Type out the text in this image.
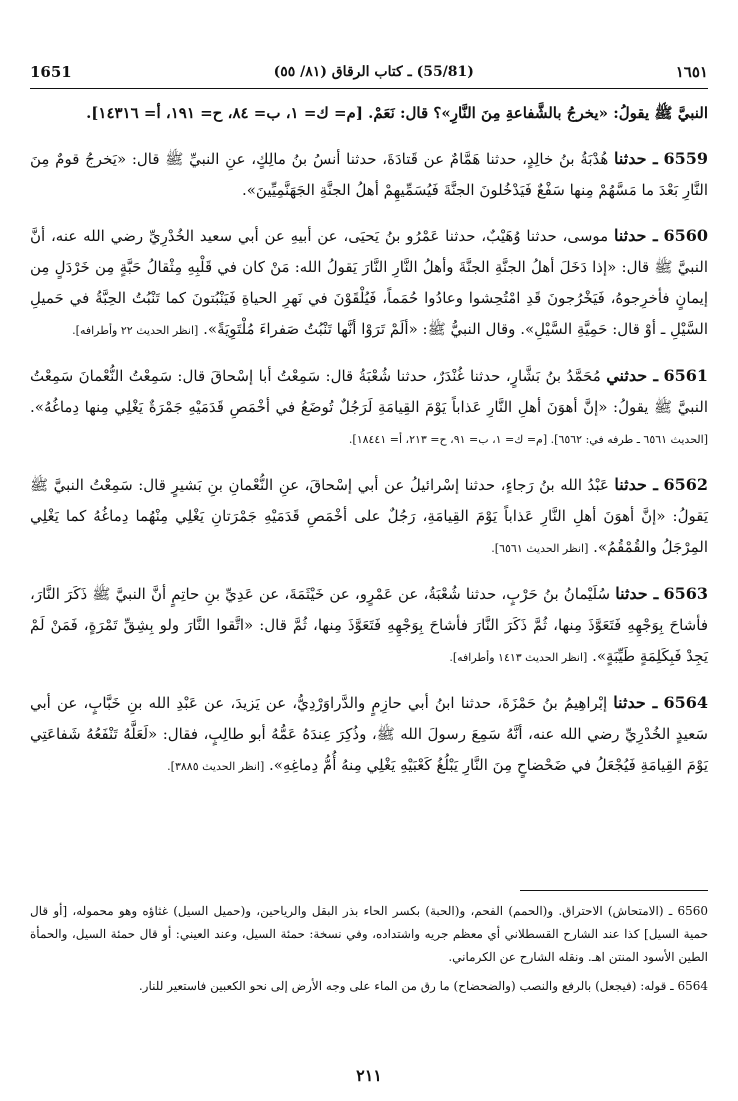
1651	(55/81) ـ كتاب الرقاق (٨١/ ٥٥)	١٦٥١

النبيَّ ﷺ يقولُ: «يخرجُ بالشَّفاعةِ مِنَ النَّارِ»؟ قال: نَعَمْ. [م= ك= ١، ب= ٨٤، ح= ١٩١، أ= ١٤٣١٦].

6559 ـ حدثنا هُدْبَةُ بنُ خالِدٍ، حدثنا هَمَّامٌ عن قَتادَةَ، حدثنا أنسُ بنُ مالِكٍ، عنِ النبيِّ ﷺ قال: «يَخرجُ قومٌ مِنَ النَّارِ بَعْدَ ما مَسَّهُمْ مِنها سَفْعٌ فَيَدْخُلونَ الجنَّةَ فَيُسَمِّيهِمْ أهلُ الجنَّةِ الجَهَنَّمِيِّينَ».

6560 ـ حدثنا موسى، حدثنا وُهَيْبٌ، حدثنا عَمْرُو بنُ يَحيَى، عن أبيهِ عن أبي سعيد الخُدْرِيِّ رضي الله عنه، أنَّ النبيَّ ﷺ قال: «إذا دَخَلَ أهلُ الجنَّةِ الجنَّةَ وأهلُ النَّارِ النَّارَ يَقولُ الله: مَنْ كان في قَلْبِهِ مِثْقالُ حَبَّةٍ مِن خَرْدَلٍ مِن إيمانٍ فأخرِجوهُ، فَيَخْرُجونَ قَدِ امْتُحِشوا وعادُوا حُمَماً، فَيُلْقَوْنَ في نَهرِ الحياةِ فَيَنْبُتونَ كما تَنْبُتُ الحِبَّةُ في حَميلِ السَّيْلِ ـ أوْ قال: حَمِيَّةِ السَّيْلِ». وقال النبيُّ ﷺ: «ألَمْ تَرَوْا أنَّها تَنْبُتُ صَفراءَ مُلْتَوِيَةً». [انظر الحديث ٢٢ وأطرافه].

6561 ـ حدثني مُحَمَّدُ بنُ بَشَّارٍ، حدثنا غُنْدَرٌ، حدثنا شُعْبَةُ قال: سَمِعْتُ أبا إسْحاقَ قال: سَمِعْتُ النُّعْمانَ سَمِعْتُ النبيَّ ﷺ يقولُ: «إنَّ أهوَنَ أهلِ النَّارِ عَذاباً يَوْمَ القِيامَةِ لَرَجُلٌ تُوضَعُ في أخْمَصِ قَدَمَيْهِ جَمْرَةٌ يَغْلِي مِنها دِماغُهُ». [الحديث ٦٥٦١ ـ طرفه في: ٦٥٦٢]. [م= ك= ١، ب= ٩١، ح= ٢١٣، أ= ١٨٤٤١].

6562 ـ حدثنا عَبْدُ الله بنُ رَجاءٍ، حدثنا إسْرائيلُ عن أبي إسْحاقَ، عنِ النُّعْمانِ بنِ بَشيرٍ قال: سَمِعْتُ النبيَّ ﷺ يَقولُ: «إنَّ أهوَنَ أهلِ النَّارِ عَذاباً يَوْمَ القِيامَةِ، رَجُلٌ على أخْمَصِ قَدَمَيْهِ جَمْرَتانِ يَغْلِي مِنْهُما دِماغُهُ كما يَغْلِي المِرْجَلُ والقُمْقُمُ». [انظر الحديث ٦٥٦١].

6563 ـ حدثنا سُلَيْمانُ بنُ حَرْبٍ، حدثنا شُعْبَةُ، عن عَمْرٍو، عن خَيْثَمَةَ، عن عَدِيِّ بنِ حاتِمٍ أنَّ النبيَّ ﷺ ذَكَرَ النَّارَ، فأشاحَ بِوَجْهِهِ فَتَعَوَّذَ مِنها، ثُمَّ ذَكَرَ النَّارَ فأشاحَ بِوَجْهِهِ فَتَعَوَّذَ مِنها، ثُمَّ قال: «اتَّقوا النَّارَ ولو بِشِقِّ تَمْرَةٍ، فَمَنْ لَمْ يَجِدْ فَبِكَلِمَةٍ طَيِّبَةٍ». [انظر الحديث ١٤١٣ وأطرافه].

6564 ـ حدثنا إبْراهِيمُ بنُ حَمْزَةَ، حدثنا ابنُ أبي حازِمٍ والدَّراوَرْدِيُّ، عن يَزيدَ، عن عَبْدِ الله بنِ خَبَّابٍ، عن أبي سَعيدٍ الخُدْرِيِّ رضي الله عنه، أنَّهُ سَمِعَ رسولَ الله ﷺ، وذُكِرَ عِندَهُ عَمُّهُ أبو طالِبٍ، فقال: «لَعَلَّهُ تَنْفَعُهُ شَفاعَتِي يَوْمَ القِيامَةِ فَيُجْعَلُ في ضَحْضاحٍ مِنَ النَّارِ يَبْلُغُ كَعْبَيْهِ يَغْلِي مِنهُ أُمُّ دِماغِهِ». [انظر الحديث ٣٨٨٥].

6560 ـ (الامتحاش) الاحتراق. و(الحمم) الفحم، و(الحبة) بكسر الحاء بذر البقل والرياحين، و(حميل السيل) غثاؤه وهو محموله، [أو قال حمية السيل] كذا عند الشارح القسطلاني أي معظم جريه واشتداده، وفي نسخة: حمئة السيل، وعند العيني: أو قال حمئة السيل، والحمأة الطين الأسود المنتن اهـ. ونقله الشارح عن الكرماني.

6564 ـ قوله: (فيجعل) بالرفع والنصب (والضحضاح) ما رق من الماء على وجه الأرض إلى نحو الكعبين فاستعير للنار.

٢١١
